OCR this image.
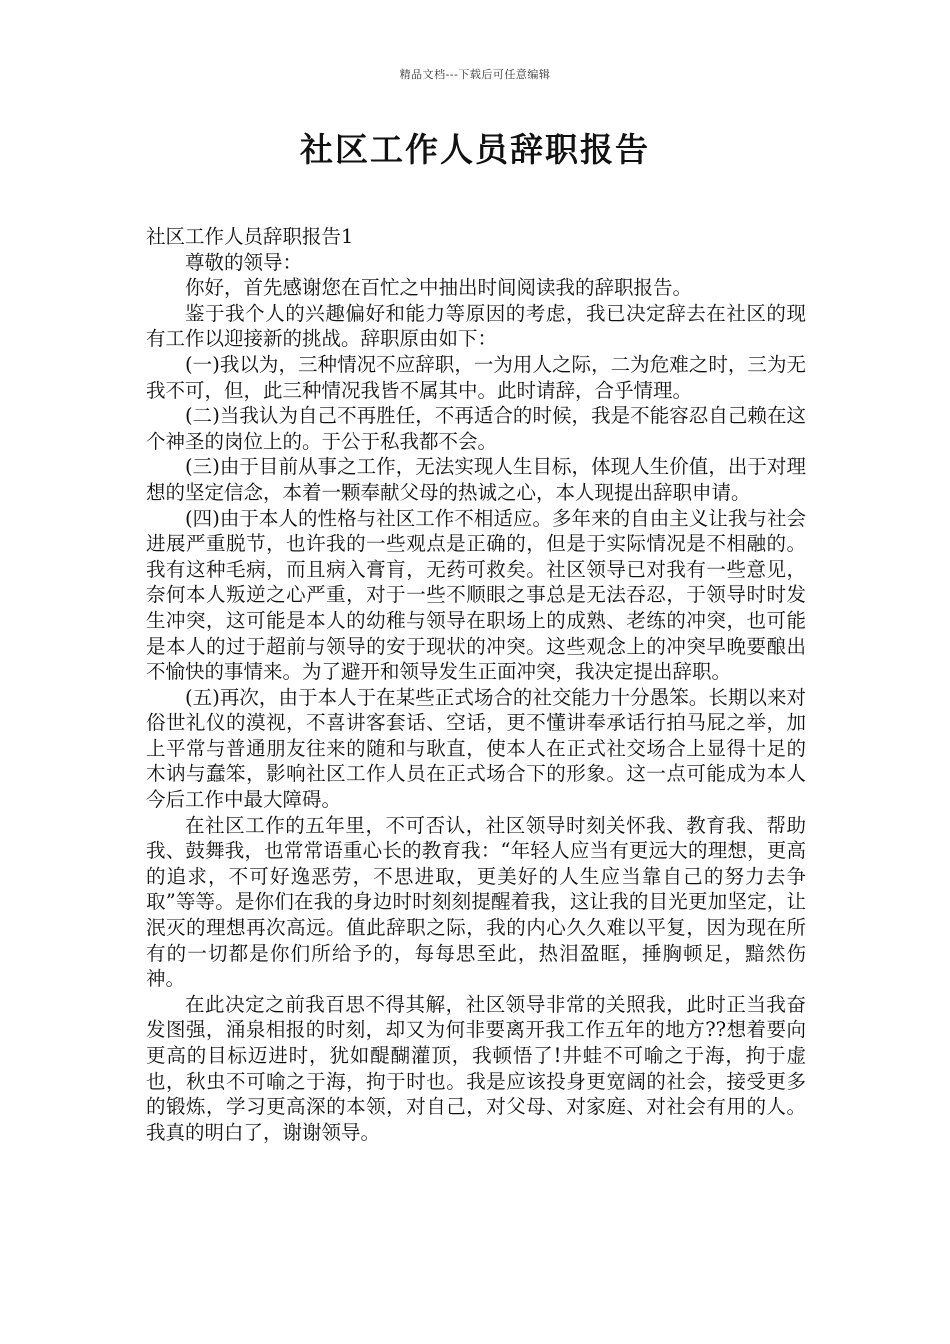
精品文档---下载后可任意编辑
社区工作人员辞职报告

社区工作人员辞职报告1

尊敬的领导：

你好，首先感谢您在百忙之中抽出时间阅读我的辞职报告。

鉴于我个人的兴趣偏好和能力等原因的考虑，我已决定辞去在社区的现有工作以迎接新的挑战。辞职原由如下：

(一)我以为，三种情况不应辞职，一为用人之际，二为危难之时，三为无我不可，但，此三种情况我皆不属其中。此时请辞，合乎情理。

(二)当我认为自己不再胜任，不再适合的时候，我是不能容忍自己赖在这个神圣的岗位上的。于公于私我都不会。

(三)由于目前从事之工作，无法实现人生目标，体现人生价值，出于对理想的坚定信念，本着一颗奉献父母的热诚之心，本人现提出辞职申请。

(四)由于本人的性格与社区工作不相适应。多年来的自由主义让我与社会进展严重脱节，也许我的一些观点是正确的，但是于实际情况是不相融的。我有这种毛病，而且病入膏肓，无药可救矣。社区领导已对我有一些意见，奈何本人叛逆之心严重，对于一些不顺眼之事总是无法吞忍，于领导时时发生冲突，这可能是本人的幼稚与领导在职场上的成熟、老练的冲突，也可能是本人的过于超前与领导的安于现状的冲突。这些观念上的冲突早晚要酿出不愉快的事情来。为了避开和领导发生正面冲突，我决定提出辞职。

(五)再次，由于本人于在某些正式场合的社交能力十分愚笨。长期以来对俗世礼仪的漠视，不喜讲客套话、空话，更不懂讲奉承话行拍马屁之举，加上平常与普通朋友往来的随和与耿直，使本人在正式社交场合上显得十足的木讷与蠢笨，影响社区工作人员在正式场合下的形象。这一点可能成为本人今后工作中最大障碍。

在社区工作的五年里，不可否认，社区领导时刻关怀我、教育我、帮助我、鼓舞我，也常常语重心长的教育我：“年轻人应当有更远大的理想，更高的追求，不可好逸恶劳，不思进取，更美好的人生应当靠自己的努力去争取”等等。是你们在我的身边时时刻刻提醒着我，这让我的目光更加坚定，让泯灭的理想再次高远。值此辞职之际，我的内心久久难以平复，因为现在所有的一切都是你们所给予的，每每思至此，热泪盈眶，捶胸顿足，黯然伤神。

在此决定之前我百思不得其解，社区领导非常的关照我，此时正当我奋发图强，涌泉相报的时刻，却又为何非要离开我工作五年的地方??想着要向更高的目标迈进时，犹如醍醐灌顶，我顿悟了!井蛙不可喻之于海，拘于虚也，秋虫不可喻之于海，拘于时也。我是应该投身更宽阔的社会，接受更多的锻炼，学习更高深的本领，对自己，对父母、对家庭、对社会有用的人。我真的明白了，谢谢领导。
